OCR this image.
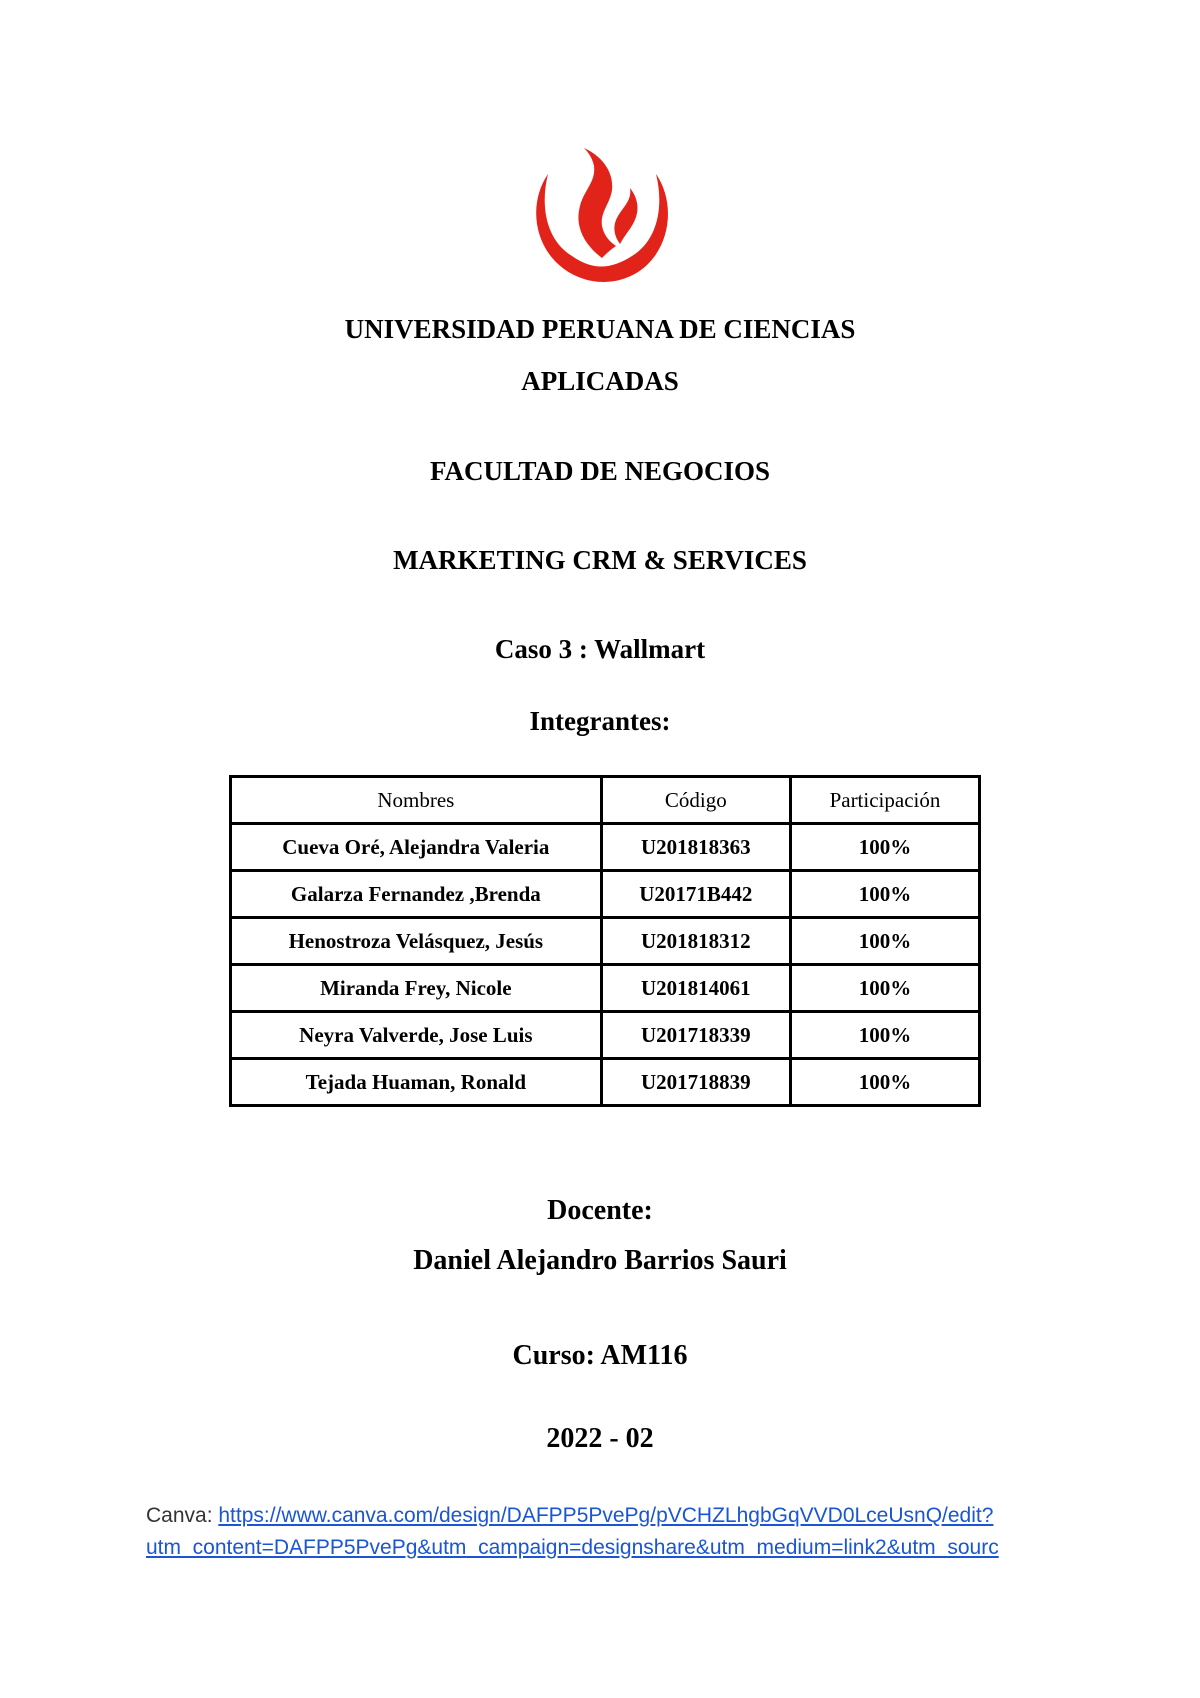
UNIVERSIDAD PERUANA DE CIENCIAS
APLICADAS
FACULTAD DE NEGOCIOS
MARKETING CRM & SERVICES
Caso 3 : Wallmart
Integrantes:
Nombres	Código	Participación
Cueva Oré, Alejandra Valeria	U201818363	100%
Galarza Fernandez ,Brenda	U20171B442	100%
Henostroza Velásquez, Jesús	U201818312	100%
Miranda Frey, Nicole	U201814061	100%
Neyra Valverde, Jose Luis	U201718339	100%
Tejada Huaman, Ronald	U201718839	100%
Docente:
Daniel Alejandro Barrios Sauri
Curso: AM116
2022 - 02
Canva: https://www.canva.com/design/DAFPP5PvePg/pVCHZLhgbGqVVD0LceUsnQ/edit?
utm_content=DAFPP5PvePg&utm_campaign=designshare&utm_medium=link2&utm_sourc
